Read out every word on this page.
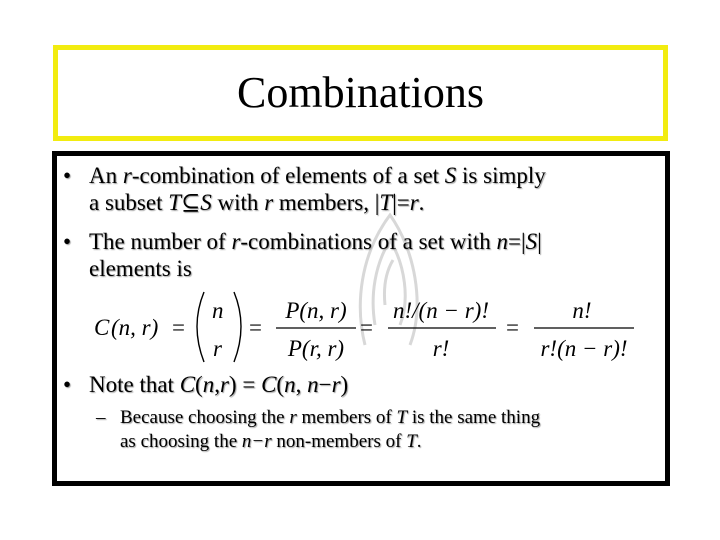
Combinations
• An r-combination of elements of a set S is simply
a subset T⊆S with r members, |T|=r.
• The number of r-combinations of a set with n=|S|
elements is
C (n, r) =
n
r
=
P(n, r)
P(r, r)
=
n!/(n − r)!
r!
=
n!
r!(n − r)!
• Note that C(n,r) = C(n, n−r)
– Because choosing the r members of T is the same thing
as choosing the n−r non-members of T.
